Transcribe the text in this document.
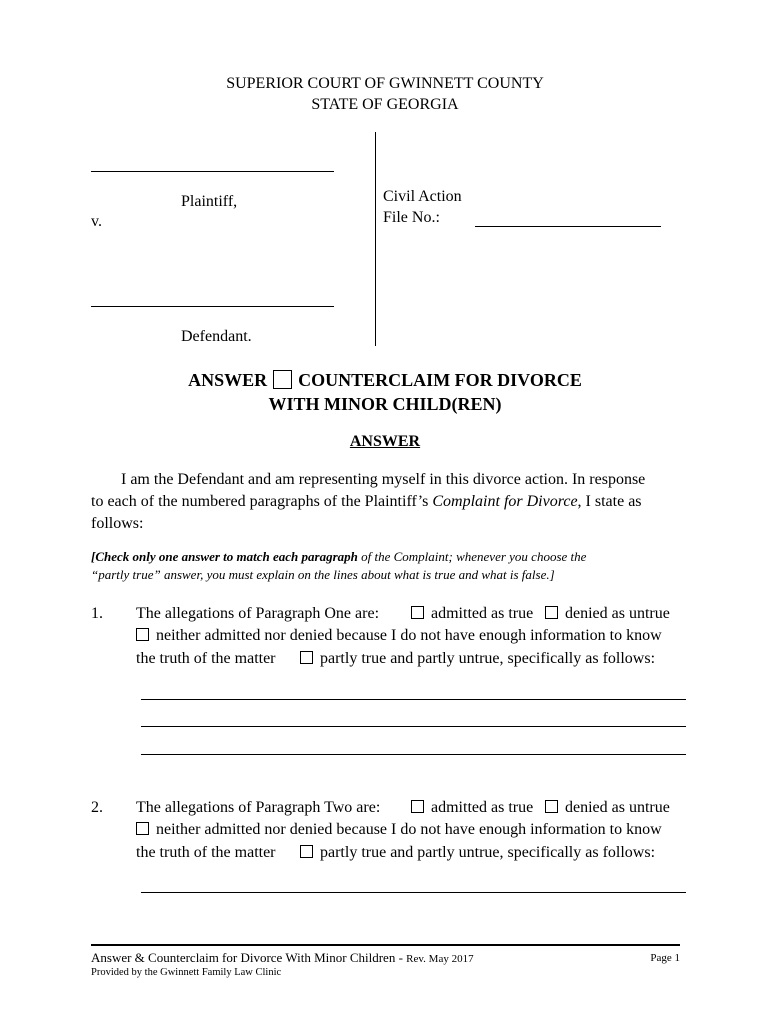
SUPERIOR COURT OF GWINNETT COUNTY
STATE OF GEORGIA
Plaintiff,
v.
Defendant.
Civil Action
File No.:
ANSWER COUNTERCLAIM FOR DIVORCE
WITH MINOR CHILD(REN)
ANSWER
I am the Defendant and am representing myself in this divorce action. In response
to each of the numbered paragraphs of the Plaintiff’s Complaint for Divorce, I state as
follows:
[Check only one answer to match each paragraph of the Complaint; whenever you choose the
“partly true” answer, you must explain on the lines about what is true and what is false.]
1. The allegations of Paragraph One are:	admitted as true	denied as untrue
neither admitted nor denied because I do not have enough information to know
the truth of the matter	partly true and partly untrue, specifically as follows:
2. The allegations of Paragraph Two are:	admitted as true	denied as untrue
neither admitted nor denied because I do not have enough information to know
the truth of the matter	partly true and partly untrue, specifically as follows:
Answer & Counterclaim for Divorce With Minor Children - Rev. May 2017	Page 1
Provided by the Gwinnett Family Law Clinic
